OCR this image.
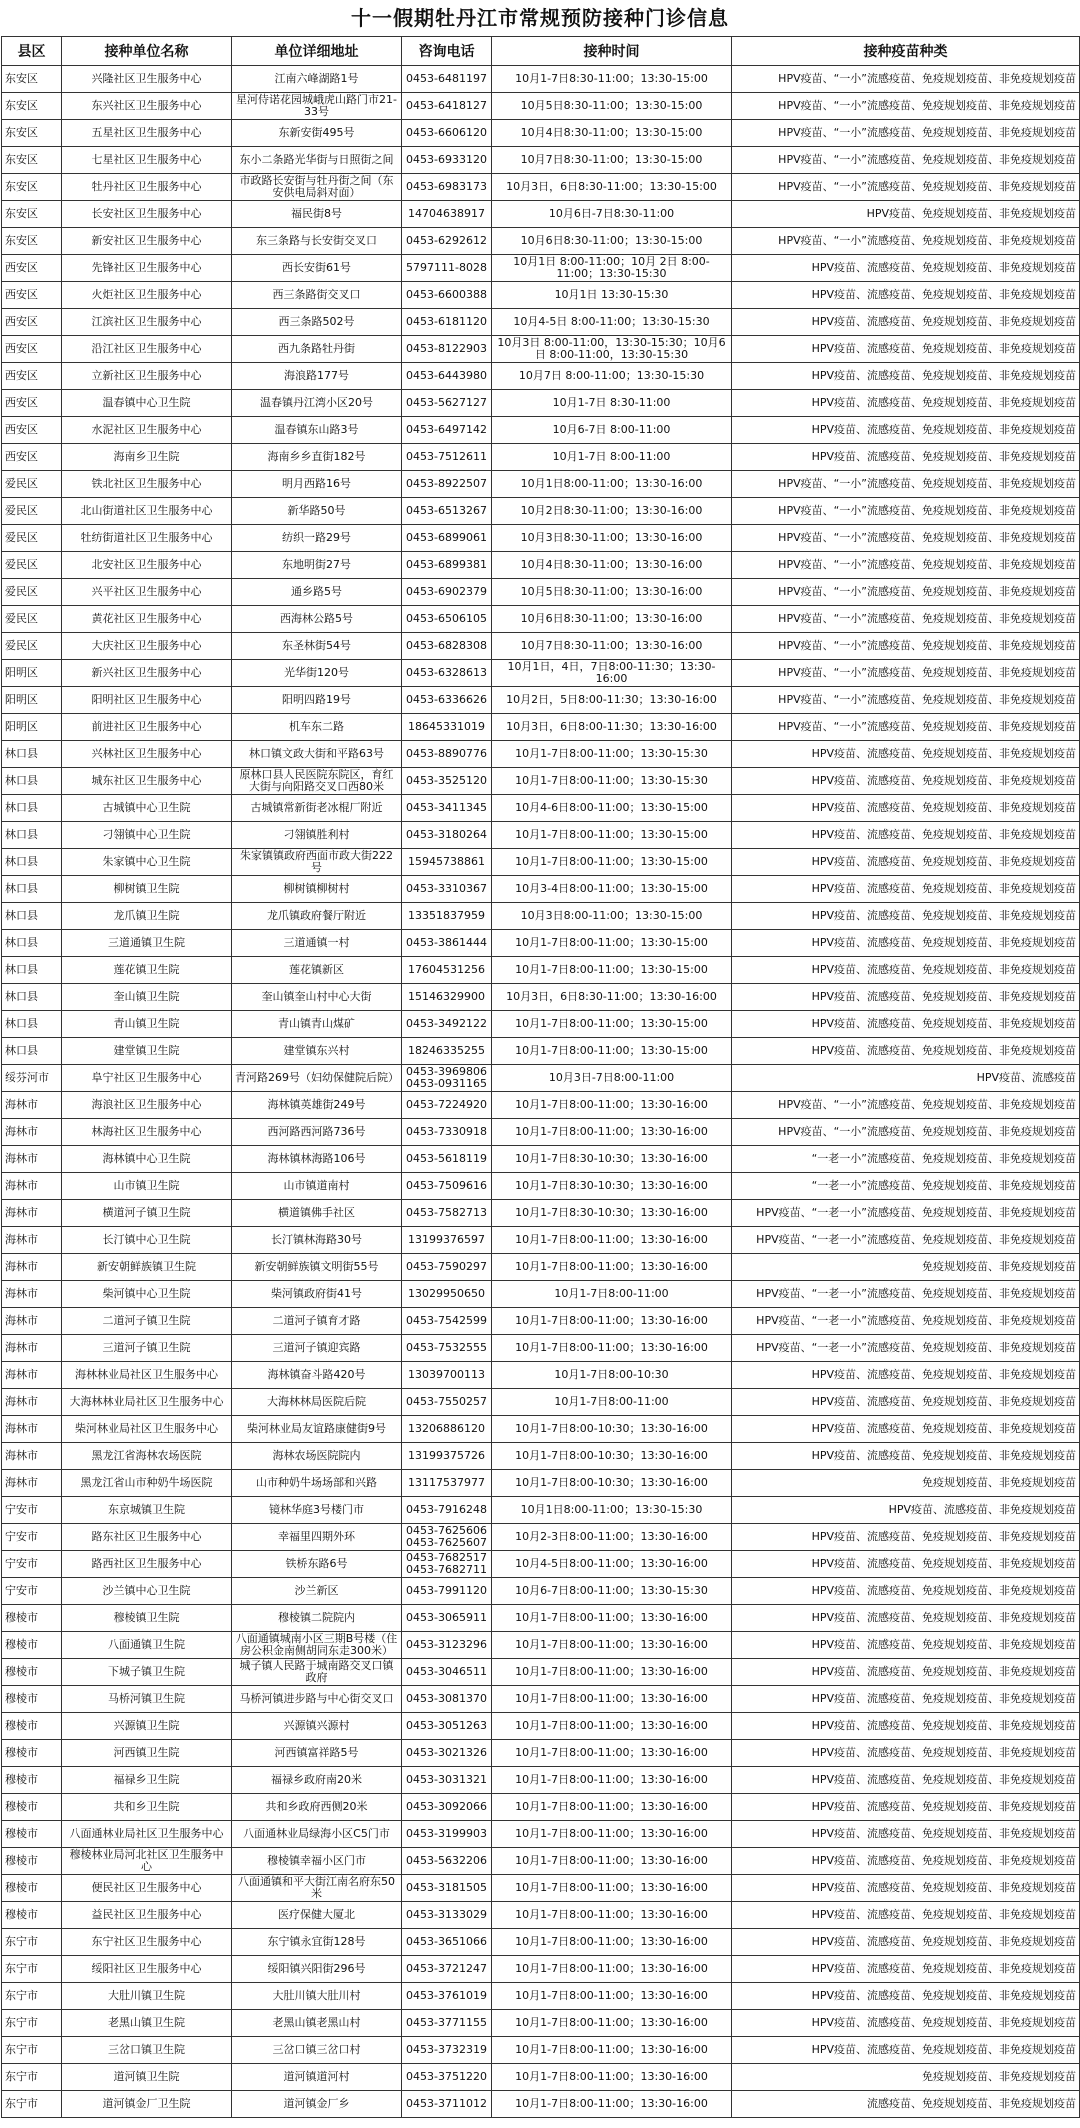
十一假期牡丹江市常规预防接种门诊信息
县区	接种单位名称	单位详细地址	咨询电话	接种时间	接种疫苗种类
东安区	兴隆社区卫生服务中心	江南六峰湖路1号	0453-6481197	10月1-7日8:30-11:00；13:30-15:00	HPV疫苗、“一小”流感疫苗、免疫规划疫苗、非免疫规划疫苗
东安区	东兴社区卫生服务中心	星河侍诺花园城峨虎山路门市21-33号	0453-6418127	10月5日8:30-11:00；13:30-15:00	HPV疫苗、“一小”流感疫苗、免疫规划疫苗、非免疫规划疫苗
东安区	五星社区卫生服务中心	东新安街495号	0453-6606120	10月4日8:30-11:00；13:30-15:00	HPV疫苗、“一小”流感疫苗、免疫规划疫苗、非免疫规划疫苗
东安区	七星社区卫生服务中心	东小二条路光华街与日照街之间	0453-6933120	10月7日8:30-11:00；13:30-15:00	HPV疫苗、“一小”流感疫苗、免疫规划疫苗、非免疫规划疫苗
东安区	牡丹社区卫生服务中心	市政路长安街与牡丹街之间（东安供电局斜对面）	0453-6983173	10月3日，6日8:30-11:00；13:30-15:00	HPV疫苗、“一小”流感疫苗、免疫规划疫苗、非免疫规划疫苗
东安区	长安社区卫生服务中心	福民街8号	14704638917	10月6日-7日8:30-11:00	HPV疫苗、免疫规划疫苗、非免疫规划疫苗
东安区	新安社区卫生服务中心	东三条路与长安街交叉口	0453-6292612	10月6日8:30-11:00；13:30-15:00	HPV疫苗、“一小”流感疫苗、免疫规划疫苗、非免疫规划疫苗
西安区	先锋社区卫生服务中心	西长安街61号	5797111-8028	10月1日 8:00-11:00；10月 2日 8:00-11:00；13:30-15:30	HPV疫苗、流感疫苗、免疫规划疫苗、非免疫规划疫苗
西安区	火炬社区卫生服务中心	西三条路街交叉口	0453-6600388	10月1日 13:30-15:30	HPV疫苗、流感疫苗、免疫规划疫苗、非免疫规划疫苗
西安区	江滨社区卫生服务中心	西三条路502号	0453-6181120	10月4-5日 8:00-11:00；13:30-15:30	HPV疫苗、流感疫苗、免疫规划疫苗、非免疫规划疫苗
西安区	沿江社区卫生服务中心	西九条路牡丹街	0453-8122903	10月3日 8:00-11:00，13:30-15:30；10月6日 8:00-11:00，13:30-15:30	HPV疫苗、流感疫苗、免疫规划疫苗、非免疫规划疫苗
西安区	立新社区卫生服务中心	海浪路177号	0453-6443980	10月7日 8:00-11:00；13:30-15:30	HPV疫苗、流感疫苗、免疫规划疫苗、非免疫规划疫苗
西安区	温春镇中心卫生院	温春镇丹江湾小区20号	0453-5627127	10月1-7日 8:30-11:00	HPV疫苗、流感疫苗、免疫规划疫苗、非免疫规划疫苗
西安区	水泥社区卫生服务中心	温春镇东山路3号	0453-6497142	10月6-7日 8:00-11:00	HPV疫苗、流感疫苗、免疫规划疫苗、非免疫规划疫苗
西安区	海南乡卫生院	海南乡乡直街182号	0453-7512611	10月1-7日 8:00-11:00	HPV疫苗、流感疫苗、免疫规划疫苗、非免疫规划疫苗
爱民区	铁北社区卫生服务中心	明月西路16号	0453-8922507	10月1日8:00-11:00；13:30-16:00	HPV疫苗、“一小”流感疫苗、免疫规划疫苗、非免疫规划疫苗
爱民区	北山街道社区卫生服务中心	新华路50号	0453-6513267	10月2日8:30-11:00；13:30-16:00	HPV疫苗、“一小”流感疫苗、免疫规划疫苗、非免疫规划疫苗
爱民区	牡纺街道社区卫生服务中心	纺织一路29号	0453-6899061	10月3日8:30-11:00；13:30-16:00	HPV疫苗、“一小”流感疫苗、免疫规划疫苗、非免疫规划疫苗
爱民区	北安社区卫生服务中心	东地明街27号	0453-6899381	10月4日8:30-11:00；13:30-16:00	HPV疫苗、“一小”流感疫苗、免疫规划疫苗、非免疫规划疫苗
爱民区	兴平社区卫生服务中心	通乡路5号	0453-6902379	10月5日8:30-11:00；13:30-16:00	HPV疫苗、“一小”流感疫苗、免疫规划疫苗、非免疫规划疫苗
爱民区	黄花社区卫生服务中心	西海林公路5号	0453-6506105	10月6日8:30-11:00；13:30-16:00	HPV疫苗、“一小”流感疫苗、免疫规划疫苗、非免疫规划疫苗
爱民区	大庆社区卫生服务中心	东圣林街54号	0453-6828308	10月7日8:30-11:00；13:30-16:00	HPV疫苗、“一小”流感疫苗、免疫规划疫苗、非免疫规划疫苗
阳明区	新兴社区卫生服务中心	光华街120号	0453-6328613	10月1日，4日，7日8:00-11:30；13:30-16:00	HPV疫苗、“一小”流感疫苗、免疫规划疫苗、非免疫规划疫苗
阳明区	阳明社区卫生服务中心	阳明四路19号	0453-6336626	10月2日，5日8:00-11:30；13:30-16:00	HPV疫苗、“一小”流感疫苗、免疫规划疫苗、非免疫规划疫苗
阳明区	前进社区卫生服务中心	机车东二路	18645331019	10月3日，6日8:00-11:30；13:30-16:00	HPV疫苗、“一小”流感疫苗、免疫规划疫苗、非免疫规划疫苗
林口县	兴林社区卫生服务中心	林口镇文政大街和平路63号	0453-8890776	10月1-7日8:00-11:00；13:30-15:30	HPV疫苗、流感疫苗、免疫规划疫苗、非免疫规划疫苗
林口县	城东社区卫生服务中心	原林口县人民医院东院区，育红大街与向阳路交叉口西80米	0453-3525120	10月1-7日8:00-11:00；13:30-15:30	HPV疫苗、流感疫苗、免疫规划疫苗、非免疫规划疫苗
林口县	古城镇中心卫生院	古城镇常新街老冰棍厂附近	0453-3411345	10月4-6日8:00-11:00；13:30-15:00	HPV疫苗、流感疫苗、免疫规划疫苗、非免疫规划疫苗
林口县	刁翎镇中心卫生院	刁翎镇胜利村	0453-3180264	10月1-7日8:00-11:00；13:30-15:00	HPV疫苗、流感疫苗、免疫规划疫苗、非免疫规划疫苗
林口县	朱家镇中心卫生院	朱家镇镇政府西面市政大街222号	15945738861	10月1-7日8:00-11:00；13:30-15:00	HPV疫苗、流感疫苗、免疫规划疫苗、非免疫规划疫苗
林口县	柳树镇卫生院	柳树镇柳树村	0453-3310367	10月3-4日8:00-11:00；13:30-15:00	HPV疫苗、流感疫苗、免疫规划疫苗、非免疫规划疫苗
林口县	龙爪镇卫生院	龙爪镇政府餐厅附近	13351837959	10月3日8:00-11:00；13:30-15:00	HPV疫苗、流感疫苗、免疫规划疫苗、非免疫规划疫苗
林口县	三道通镇卫生院	三道通镇一村	0453-3861444	10月1-7日8:00-11:00；13:30-15:00	HPV疫苗、流感疫苗、免疫规划疫苗、非免疫规划疫苗
林口县	莲花镇卫生院	莲花镇新区	17604531256	10月1-7日8:00-11:00；13:30-15:00	HPV疫苗、流感疫苗、免疫规划疫苗、非免疫规划疫苗
林口县	奎山镇卫生院	奎山镇奎山村中心大街	15146329900	10月3日，6日8:30-11:00；13:30-16:00	HPV疫苗、流感疫苗、免疫规划疫苗、非免疫规划疫苗
林口县	青山镇卫生院	青山镇青山煤矿	0453-3492122	10月1-7日8:00-11:00；13:30-15:00	HPV疫苗、流感疫苗、免疫规划疫苗、非免疫规划疫苗
林口县	建堂镇卫生院	建堂镇东兴村	18246335255	10月1-7日8:00-11:00；13:30-15:00	HPV疫苗、流感疫苗、免疫规划疫苗、非免疫规划疫苗
绥芬河市	阜宁社区卫生服务中心	青河路269号（妇幼保健院后院）	0453-3969806 0453-0931165	10月3日-7日8:00-11:00	HPV疫苗、流感疫苗
海林市	海浪社区卫生服务中心	海林镇英雄街249号	0453-7224920	10月1-7日8:00-11:00；13:30-16:00	HPV疫苗、“一小”流感疫苗、免疫规划疫苗、非免疫规划疫苗
海林市	林海社区卫生服务中心	西河路西河路736号	0453-7330918	10月1-7日8:00-11:00；13:30-16:00	HPV疫苗、“一小”流感疫苗、免疫规划疫苗、非免疫规划疫苗
海林市	海林镇中心卫生院	海林镇林海路106号	0453-5618119	10月1-7日8:30-10:30；13:30-16:00	“一老一小”流感疫苗、免疫规划疫苗、非免疫规划疫苗
海林市	山市镇卫生院	山市镇道南村	0453-7509616	10月1-7日8:30-10:30；13:30-16:00	“一老一小”流感疫苗、免疫规划疫苗、非免疫规划疫苗
海林市	横道河子镇卫生院	横道镇佛手社区	0453-7582713	10月1-7日8:30-10:30；13:30-16:00	HPV疫苗、“一老一小”流感疫苗、免疫规划疫苗、非免疫规划疫苗
海林市	长汀镇中心卫生院	长汀镇林海路30号	13199376597	10月1-7日8:00-11:00；13:30-16:00	HPV疫苗、“一老一小”流感疫苗、免疫规划疫苗、非免疫规划疫苗
海林市	新安朝鲜族镇卫生院	新安朝鲜族镇文明街55号	0453-7590297	10月1-7日8:00-11:00；13:30-16:00	免疫规划疫苗、非免疫规划疫苗
海林市	柴河镇中心卫生院	柴河镇政府街41号	13029950650	10月1-7日8:00-11:00	HPV疫苗、“一老一小”流感疫苗、免疫规划疫苗、非免疫规划疫苗
海林市	二道河子镇卫生院	二道河子镇育才路	0453-7542599	10月1-7日8:00-11:00；13:30-16:00	HPV疫苗、“一老一小”流感疫苗、免疫规划疫苗、非免疫规划疫苗
海林市	三道河子镇卫生院	三道河子镇迎宾路	0453-7532555	10月1-7日8:00-11:00；13:30-16:00	HPV疫苗、“一老一小”流感疫苗、免疫规划疫苗、非免疫规划疫苗
海林市	海林林业局社区卫生服务中心	海林镇奋斗路420号	13039700113	10月1-7日8:00-10:30	HPV疫苗、流感疫苗、免疫规划疫苗、非免疫规划疫苗
海林市	大海林林业局社区卫生服务中心	大海林林局医院后院	0453-7550257	10月1-7日8:00-11:00	HPV疫苗、流感疫苗、免疫规划疫苗、非免疫规划疫苗
海林市	柴河林业局社区卫生服务中心	柴河林业局友谊路康健街9号	13206886120	10月1-7日8:00-10:30；13:30-16:00	HPV疫苗、流感疫苗、免疫规划疫苗、非免疫规划疫苗
海林市	黑龙江省海林农场医院	海林农场医院院内	13199375726	10月1-7日8:00-10:30；13:30-16:00	HPV疫苗、流感疫苗、免疫规划疫苗、非免疫规划疫苗
海林市	黑龙江省山市种奶牛场医院	山市种奶牛场场部和兴路	13117537977	10月1-7日8:00-10:30；13:30-16:00	免疫规划疫苗、非免疫规划疫苗
宁安市	东京城镇卫生院	镜林华庭3号楼门市	0453-7916248	10月1日8:00-11:00；13:30-15:30	HPV疫苗、流感疫苗、非免疫规划疫苗
宁安市	路东社区卫生服务中心	幸福里四期外环	0453-7625606 0453-7625607	10月2-3日8:00-11:00；13:30-16:00	HPV疫苗、流感疫苗、免疫规划疫苗、非免疫规划疫苗
宁安市	路西社区卫生服务中心	铁桥东路6号	0453-7682517 0453-7682711	10月4-5日8:00-11:00；13:30-16:00	HPV疫苗、流感疫苗、免疫规划疫苗、非免疫规划疫苗
宁安市	沙兰镇中心卫生院	沙兰新区	0453-7991120	10月6-7日8:00-11:00；13:30-15:30	HPV疫苗、流感疫苗、免疫规划疫苗、非免疫规划疫苗
穆棱市	穆棱镇卫生院	穆棱镇二院院内	0453-3065911	10月1-7日8:00-11:00；13:30-16:00	HPV疫苗、流感疫苗、免疫规划疫苗、非免疫规划疫苗
穆棱市	八面通镇卫生院	八面通镇城南小区三期B号楼（住房公积金南侧胡同东走300米）	0453-3123296	10月1-7日8:00-11:00；13:30-16:00	HPV疫苗、流感疫苗、免疫规划疫苗、非免疫规划疫苗
穆棱市	下城子镇卫生院	城子镇人民路于城南路交叉口镇政府	0453-3046511	10月1-7日8:00-11:00；13:30-16:00	HPV疫苗、流感疫苗、免疫规划疫苗、非免疫规划疫苗
穆棱市	马桥河镇卫生院	马桥河镇进步路与中心街交叉口	0453-3081370	10月1-7日8:00-11:00；13:30-16:00	HPV疫苗、流感疫苗、免疫规划疫苗、非免疫规划疫苗
穆棱市	兴源镇卫生院	兴源镇兴源村	0453-3051263	10月1-7日8:00-11:00；13:30-16:00	HPV疫苗、流感疫苗、免疫规划疫苗、非免疫规划疫苗
穆棱市	河西镇卫生院	河西镇富祥路5号	0453-3021326	10月1-7日8:00-11:00；13:30-16:00	HPV疫苗、流感疫苗、免疫规划疫苗、非免疫规划疫苗
穆棱市	福禄乡卫生院	福禄乡政府南20米	0453-3031321	10月1-7日8:00-11:00；13:30-16:00	HPV疫苗、流感疫苗、免疫规划疫苗、非免疫规划疫苗
穆棱市	共和乡卫生院	共和乡政府西侧20米	0453-3092066	10月1-7日8:00-11:00；13:30-16:00	HPV疫苗、流感疫苗、免疫规划疫苗、非免疫规划疫苗
穆棱市	八面通林业局社区卫生服务中心	八面通林业局绿海小区C5门市	0453-3199903	10月1-7日8:00-11:00；13:30-16:00	HPV疫苗、流感疫苗、免疫规划疫苗、非免疫规划疫苗
穆棱市	穆棱林业局河北社区卫生服务中心	穆棱镇幸福小区门市	0453-5632206	10月1-7日8:00-11:00；13:30-16:00	HPV疫苗、流感疫苗、免疫规划疫苗、非免疫规划疫苗
穆棱市	便民社区卫生服务中心	八面通镇和平大街江南名府东50米	0453-3181505	10月1-7日8:00-11:00；13:30-16:00	HPV疫苗、流感疫苗、免疫规划疫苗、非免疫规划疫苗
穆棱市	益民社区卫生服务中心	医疗保健大厦北	0453-3133029	10月1-7日8:00-11:00；13:30-16:00	HPV疫苗、流感疫苗、免疫规划疫苗、非免疫规划疫苗
东宁市	东宁社区卫生服务中心	东宁镇永宜街128号	0453-3651066	10月1-7日8:00-11:00；13:30-16:00	HPV疫苗、流感疫苗、免疫规划疫苗、非免疫规划疫苗
东宁市	绥阳社区卫生服务中心	绥阳镇兴阳街296号	0453-3721247	10月1-7日8:00-11:00；13:30-16:00	HPV疫苗、流感疫苗、免疫规划疫苗、非免疫规划疫苗
东宁市	大肚川镇卫生院	大肚川镇大肚川村	0453-3761019	10月1-7日8:00-11:00；13:30-16:00	HPV疫苗、流感疫苗、免疫规划疫苗、非免疫规划疫苗
东宁市	老黑山镇卫生院	老黑山镇老黑山村	0453-3771155	10月1-7日8:00-11:00；13:30-16:00	HPV疫苗、流感疫苗、免疫规划疫苗、非免疫规划疫苗
东宁市	三岔口镇卫生院	三岔口镇三岔口村	0453-3732319	10月1-7日8:00-11:00；13:30-16:00	HPV疫苗、流感疫苗、免疫规划疫苗、非免疫规划疫苗
东宁市	道河镇卫生院	道河镇道河村	0453-3751220	10月1-7日8:00-11:00；13:30-16:00	免疫规划疫苗、非免疫规划疫苗
东宁市	道河镇金厂卫生院	道河镇金厂乡	0453-3711012	10月1-7日8:00-11:00；13:30-16:00	流感疫苗、免疫规划疫苗、非免疫规划疫苗
